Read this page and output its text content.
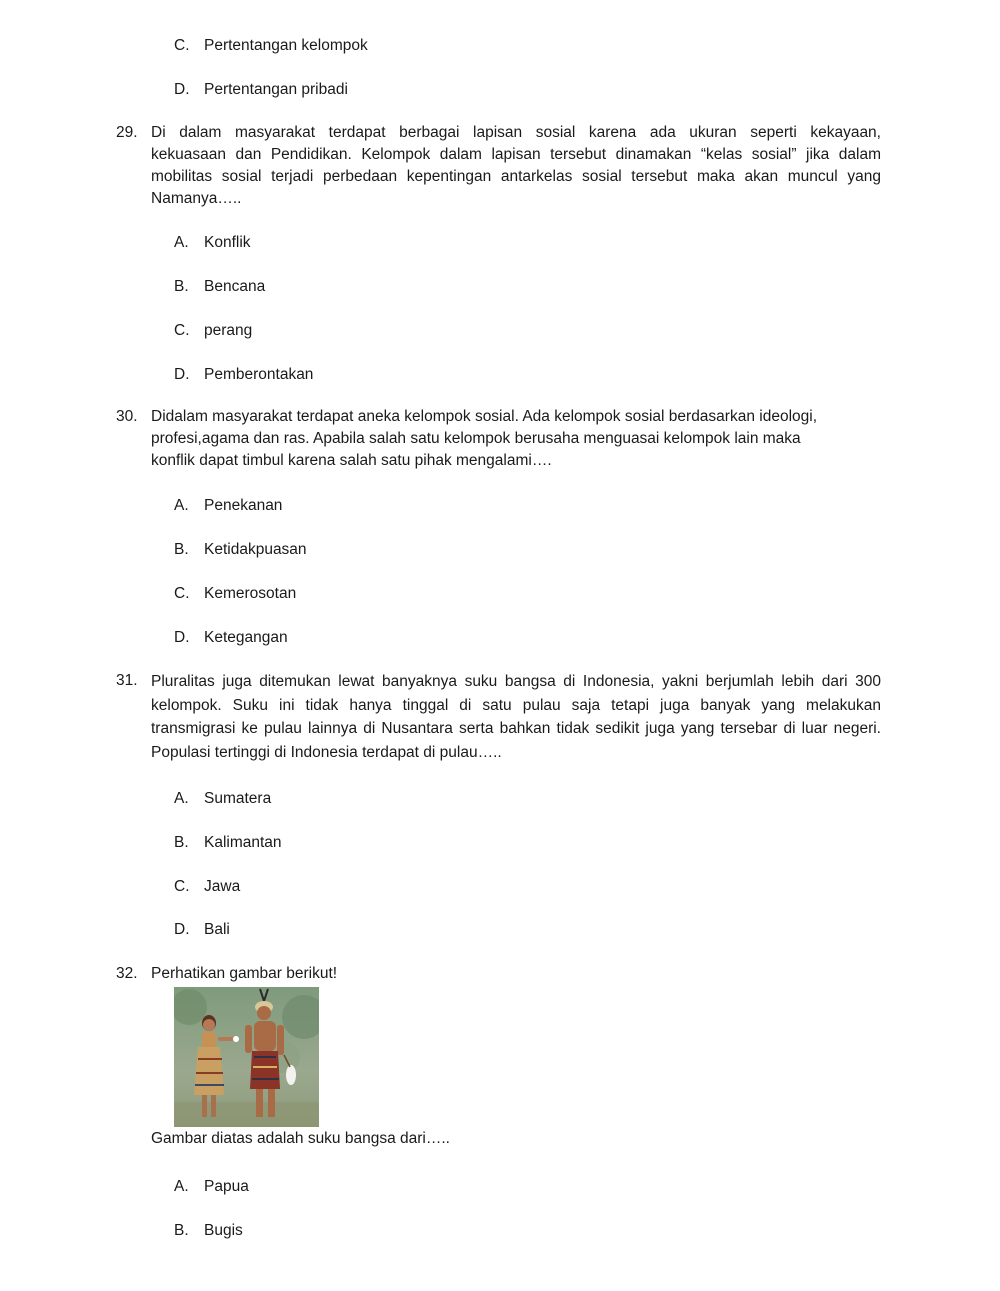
C. Pertentangan kelompok
D. Pertentangan pribadi
29. Di dalam masyarakat terdapat berbagai lapisan sosial karena ada ukuran seperti kekayaan,
kekuasaan dan Pendidikan. Kelompok dalam lapisan tersebut dinamakan “kelas sosial” jika dalam
mobilitas sosial terjadi perbedaan kepentingan antarkelas sosial tersebut maka akan muncul yang
Namanya…..
A. Konflik
B. Bencana
C. perang
D. Pemberontakan
30. Didalam masyarakat terdapat aneka kelompok sosial. Ada kelompok sosial berdasarkan ideologi,
profesi,agama dan ras. Apabila salah satu kelompok berusaha menguasai kelompok lain maka
konflik dapat timbul karena salah satu pihak mengalami….
A. Penekanan
B. Ketidakpuasan
C. Kemerosotan
D. Ketegangan
31. Pluralitas juga ditemukan lewat banyaknya suku bangsa di Indonesia, yakni berjumlah lebih dari 300
kelompok. Suku ini tidak hanya tinggal di satu pulau saja tetapi juga banyak yang melakukan
transmigrasi ke pulau lainnya di Nusantara serta bahkan tidak sedikit juga yang tersebar di luar negeri.
Populasi tertinggi di Indonesia terdapat di pulau…..
A. Sumatera
B. Kalimantan
C. Jawa
D. Bali
32. Perhatikan gambar berikut!
Gambar diatas adalah suku bangsa dari…..
A. Papua
B. Bugis
